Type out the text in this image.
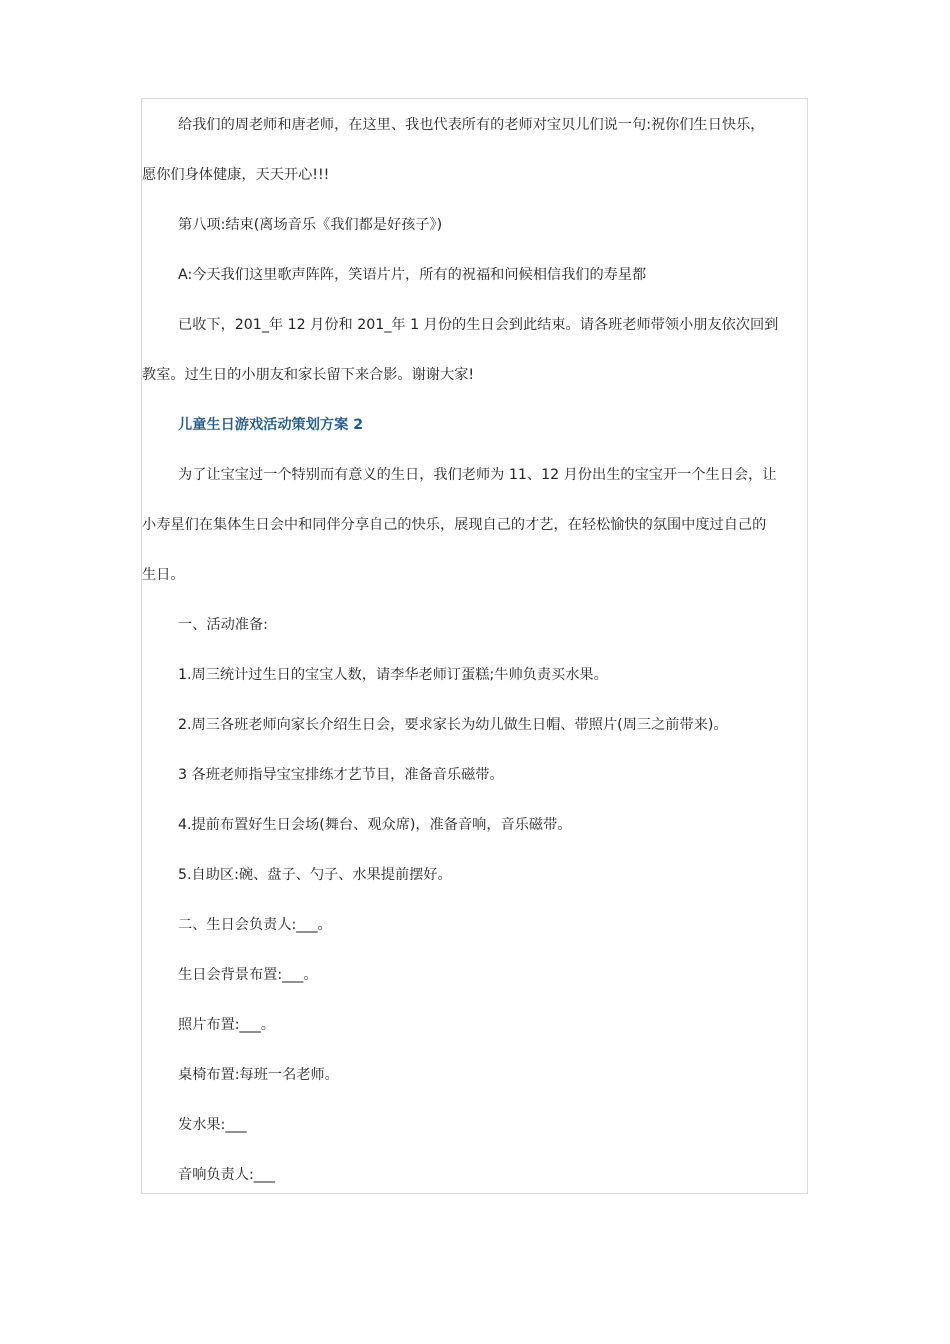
给我们的周老师和唐老师，在这里、我也代表所有的老师对宝贝儿们说一句:祝你们生日快乐，

愿你们身体健康，天天开心!!!

第八项:结束(离场音乐《我们都是好孩子》)

A:今天我们这里歌声阵阵，笑语片片，所有的祝福和问候相信我们的寿星都

已收下，201_年 12 月份和 201_年 1 月份的生日会到此结束。请各班老师带领小朋友依次回到

教室。过生日的小朋友和家长留下来合影。谢谢大家!

儿童生日游戏活动策划方案 2

为了让宝宝过一个特别而有意义的生日，我们老师为 11、12 月份出生的宝宝开一个生日会，让

小寿星们在集体生日会中和同伴分享自己的快乐，展现自己的才艺，在轻松愉快的氛围中度过自己的

生日。

一、活动准备:

1.周三统计过生日的宝宝人数，请李华老师订蛋糕;牛帅负责买水果。

2.周三各班老师向家长介绍生日会，要求家长为幼儿做生日帽、带照片(周三之前带来)。

3 各班老师指导宝宝排练才艺节目，准备音乐磁带。

4.提前布置好生日会场(舞台、观众席)，准备音响，音乐磁带。

5.自助区:碗、盘子、勺子、水果提前摆好。

二、生日会负责人:___。

生日会背景布置:___。

照片布置:___。

桌椅布置:每班一名老师。

发水果:___

音响负责人:___
